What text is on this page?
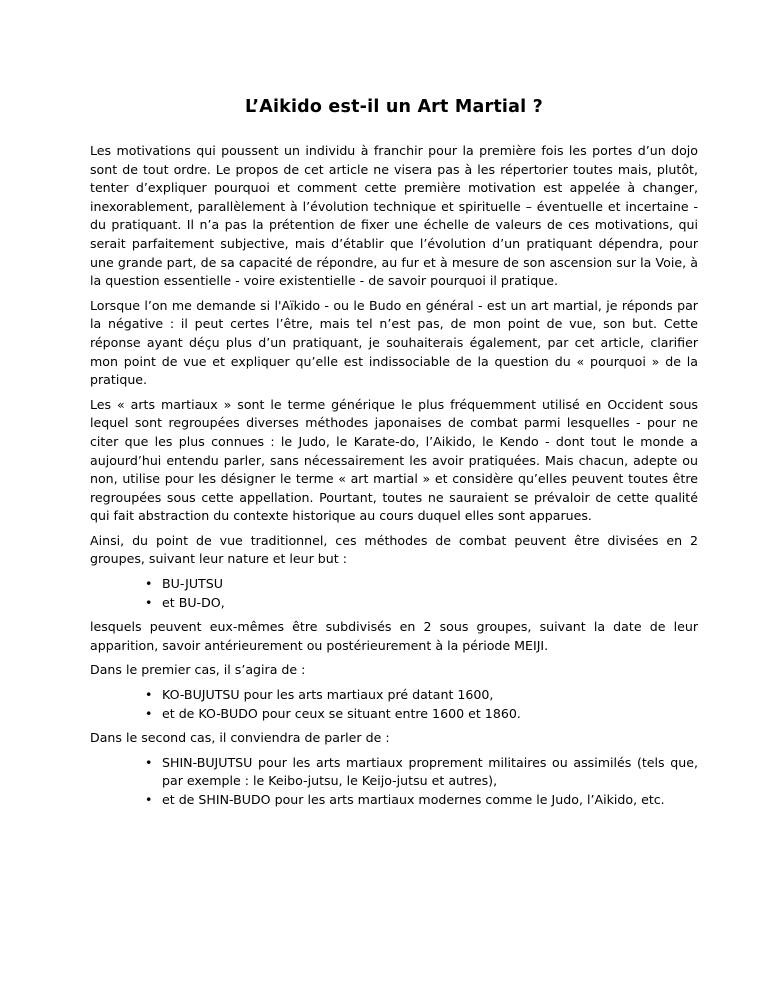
L’Aikido est-il un Art Martial ?

Les motivations qui poussent un individu à franchir pour la première fois les portes d’un dojo sont de tout ordre. Le propos de cet article ne visera pas à les répertorier toutes mais, plutôt, tenter d’expliquer pourquoi et comment cette première motivation est appelée à changer, inexorablement, parallèlement à l’évolution technique et spirituelle – éventuelle et incertaine - du pratiquant. Il n’a pas la prétention de fixer une échelle de valeurs de ces motivations, qui serait parfaitement subjective, mais d’établir que l’évolution d’un pratiquant dépendra, pour une grande part, de sa capacité de répondre, au fur et à mesure de son ascension sur la Voie, à la question essentielle - voire existentielle - de savoir pourquoi il pratique.

Lorsque l’on me demande si l'Aïkido - ou le Budo en général - est un art martial, je réponds par la négative : il peut certes l’être, mais tel n’est pas, de mon point de vue, son but. Cette réponse ayant déçu plus d’un pratiquant, je souhaiterais également, par cet article, clarifier mon point de vue et expliquer qu’elle est indissociable de la question du « pourquoi » de la pratique.

Les « arts martiaux » sont le terme générique le plus fréquemment utilisé en Occident sous lequel sont regroupées diverses méthodes japonaises de combat parmi lesquelles - pour ne citer que les plus connues : le Judo, le Karate-do, l’Aikido, le Kendo - dont tout le monde a aujourd’hui entendu parler, sans nécessairement les avoir pratiquées. Mais chacun, adepte ou non, utilise pour les désigner le terme « art martial » et considère qu’elles peuvent toutes être regroupées sous cette appellation. Pourtant, toutes ne sauraient se prévaloir de cette qualité qui fait abstraction du contexte historique au cours duquel elles sont apparues.

Ainsi, du point de vue traditionnel, ces méthodes de combat peuvent être divisées en 2 groupes, suivant leur nature et leur but :

• BU-JUTSU
• et BU-DO,

lesquels peuvent eux-mêmes être subdivisés en 2 sous groupes, suivant la date de leur apparition, savoir antérieurement ou postérieurement à la période MEIJI.

Dans le premier cas, il s’agira de :

• KO-BUJUTSU pour les arts martiaux pré datant 1600,
• et de KO-BUDO pour ceux se situant entre 1600 et 1860.

Dans le second cas, il conviendra de parler de :

• SHIN-BUJUTSU pour les arts martiaux proprement militaires ou assimilés (tels que, par exemple : le Keibo-jutsu, le Keijo-jutsu et autres),
• et de SHIN-BUDO pour les arts martiaux modernes comme le Judo, l’Aikido, etc.
